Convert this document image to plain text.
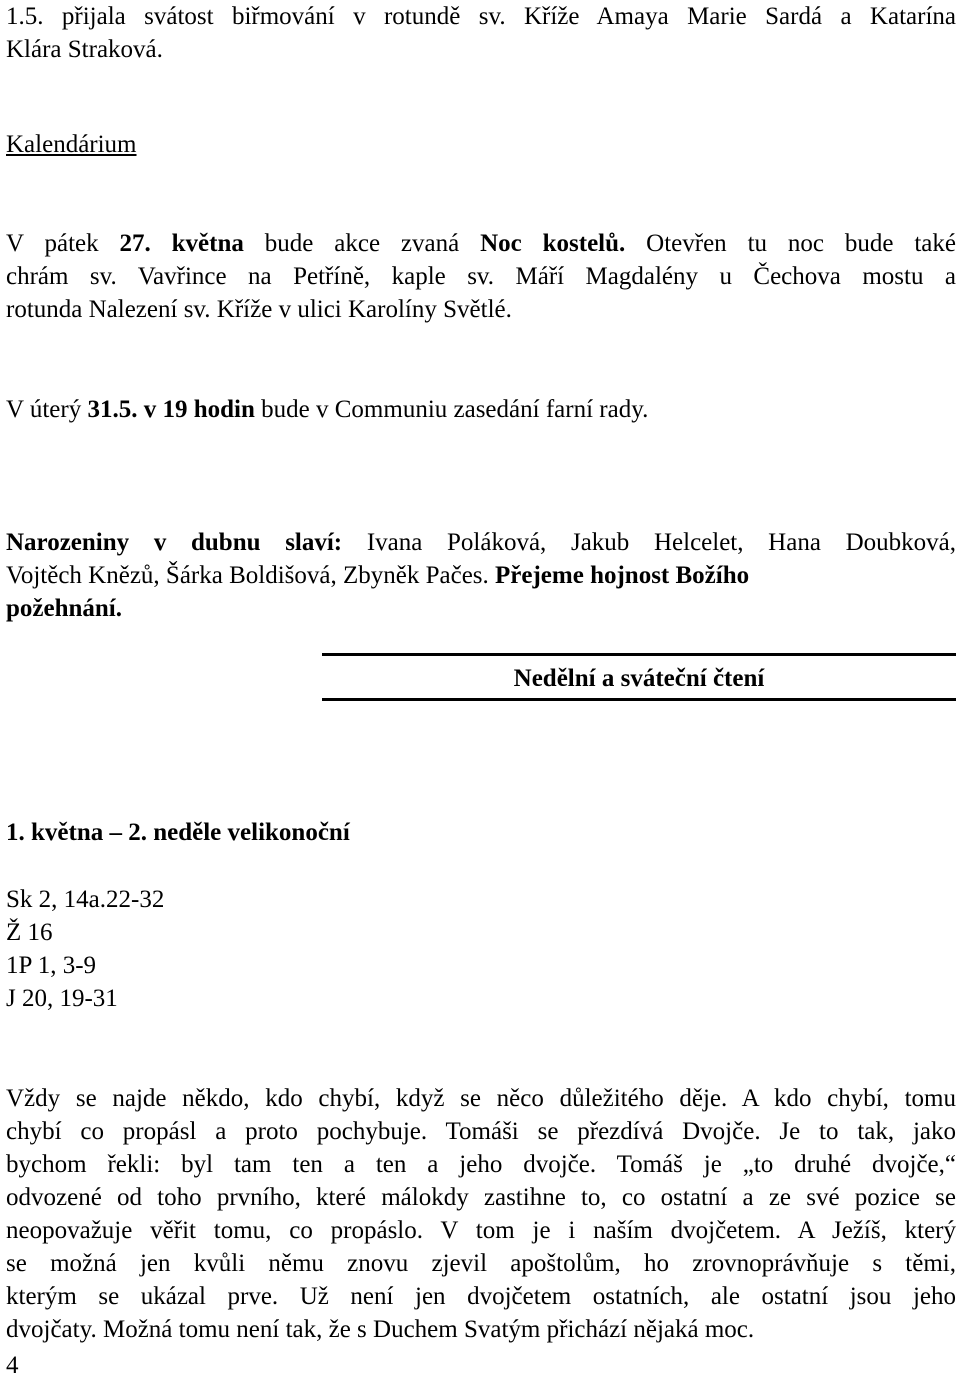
1.5. přijala svátost biřmování v rotundě sv. Kříže Amaya Marie Sardá a Katarína
Klára Straková.
Kalendárium
V pátek 27. května bude akce zvaná Noc kostelů. Otevřen tu noc bude také
chrám sv. Vavřince na Petříně, kaple sv. Máří Magdalény u Čechova mostu a
rotunda Nalezení sv. Kříže v ulici Karolíny Světlé.
V úterý 31.5. v 19 hodin bude v Communiu zasedání farní rady.
Narozeniny v dubnu slaví: Ivana Poláková, Jakub Helcelet, Hana Doubková,
Vojtěch Knězů, Šárka Boldišová, Zbyněk Pačes. Přejeme hojnost Božího
požehnání.
Nedělní a sváteční čtení
1. května – 2. neděle velikonoční
Sk 2, 14a.22-32
Ž 16
1P 1, 3-9
J 20, 19-31
Vždy se najde někdo, kdo chybí, když se něco důležitého děje. A kdo chybí, tomu
chybí co propásl a proto pochybuje. Tomáši se přezdívá Dvojče. Je to tak, jako
bychom řekli: byl tam ten a ten a jeho dvojče. Tomáš je „to druhé dvojče,“
odvozené od toho prvního, které málokdy zastihne to, co ostatní a ze své pozice se
neopovažuje věřit tomu, co propáslo. V tom je i naším dvojčetem. A Ježíš, který
se možná jen kvůli němu znovu zjevil apoštolům, ho zrovnoprávňuje s těmi,
kterým se ukázal prve. Už není jen dvojčetem ostatních, ale ostatní jsou jeho
dvojčaty. Možná tomu není tak, že s Duchem Svatým přichází nějaká moc.
4
